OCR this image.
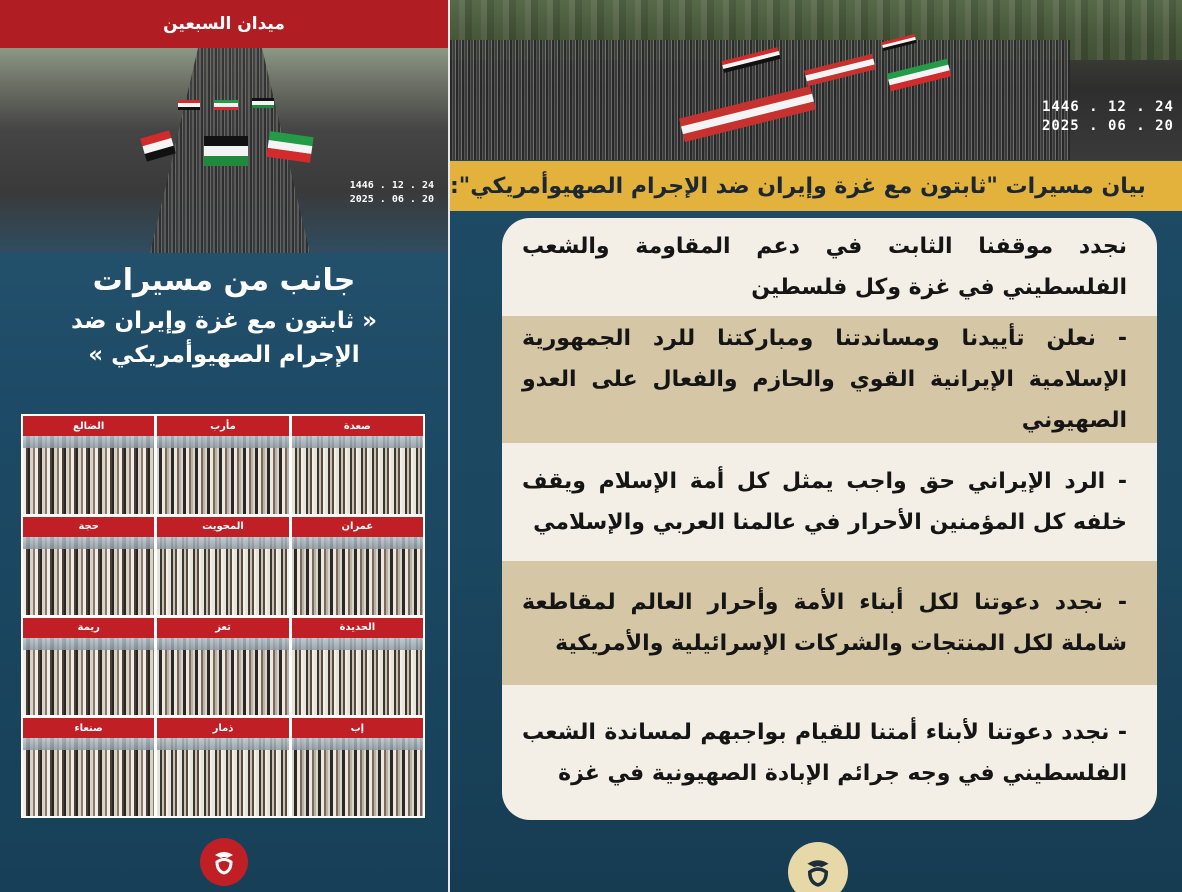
ميدان السبعين
1446 . 12 . 24
2025 . 06 . 20
جانب من مسيرات
« ثابتون مع غزة وإيران ضد
الإجرام الصهيوأمريكي »
صعدة
مأرب
الضالع
عمران
المحويت
حجة
الحديدة
تعز
ريمة
إب
ذمار
صنعاء
1446 . 12 . 24
2025 . 06 . 20
بيان مسيرات "ثابتون مع غزة وإيران ضد الإجرام الصهيوأمريكي":
نجدد موقفنا الثابت في دعم المقاومة والشعب الفلسطيني في غزة وكل فلسطين
- نعلن تأييدنا ومساندتنا ومباركتنا للرد الجمهورية الإسلامية الإيرانية القوي والحازم والفعال على العدو الصهيوني
- الرد الإيراني حق واجب يمثل كل أمة الإسلام ويقف خلفه كل المؤمنين الأحرار في عالمنا العربي والإسلامي
- نجدد دعوتنا لكل أبناء الأمة وأحرار العالم لمقاطعة شاملة لكل المنتجات والشركات الإسرائيلية والأمريكية
- نجدد دعوتنا لأبناء أمتنا للقيام بواجبهم لمساندة الشعب الفلسطيني في وجه جرائم الإبادة الصهيونية في غزة
